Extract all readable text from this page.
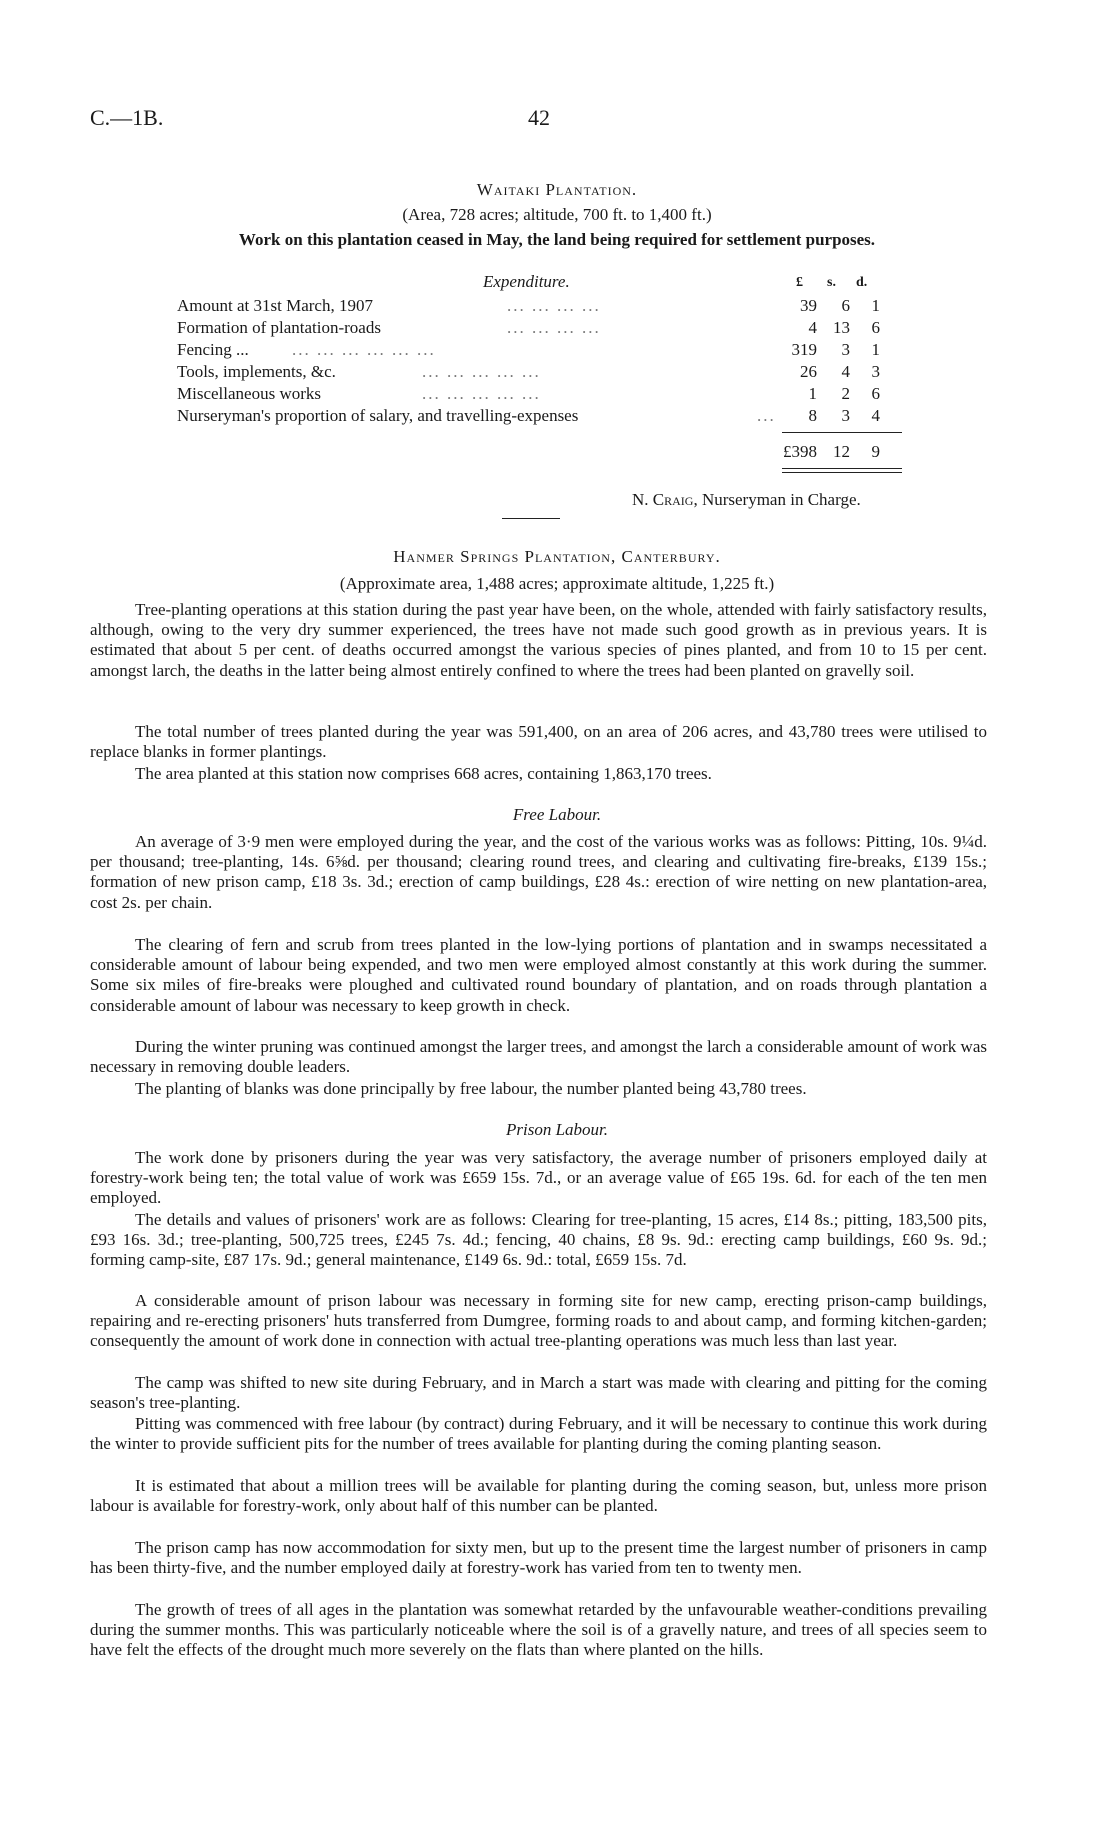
C.—1B.	42
Waitaki Plantation.
(Area, 728 acres; altitude, 700 ft. to 1,400 ft.)
Work on this plantation ceased in May, the land being required for settlement purposes.
Expenditure.	£ s. d.
Amount at 31st March, 1907	... ... ... ...	39	6	1
Formation of plantation-roads	... ... ... ...	4 13	6
Fencing ...	... ... ... ... ... ...	319	3	1
Tools, implements, &c.	... ... ... ... ...	26	4	3
Miscellaneous works	... ... ... ... ...	1	2	6
Nurseryman's proportion of salary, and travelling-expenses	...	8	3	4
£398 12	9
N. Craig, Nurseryman in Charge.
Hanmer Springs Plantation, Canterbury.
(Approximate area, 1,488 acres; approximate altitude, 1,225 ft.)

Tree-planting operations at this station during the past year have been, on the whole, attended with fairly satisfactory results, although, owing to the very dry summer experienced, the trees have not made such good growth as in previous years. It is estimated that about 5 per cent. of deaths occurred amongst the various species of pines planted, and from 10 to 15 per cent. amongst larch, the deaths in the latter being almost entirely confined to where the trees had been planted on gravelly soil.

The total number of trees planted during the year was 591,400, on an area of 206 acres, and 43,780 trees were utilised to replace blanks in former plantings.

The area planted at this station now comprises 668 acres, containing 1,863,170 trees.

Free Labour.

An average of 3·9 men were employed during the year, and the cost of the various works was as follows: Pitting, 10s. 9¼d. per thousand; tree-planting, 14s. 6⅝d. per thousand; clearing round trees, and clearing and cultivating fire-breaks, £139 15s.; formation of new prison camp, £18 3s. 3d.; erection of camp buildings, £28 4s.: erection of wire netting on new plantation-area, cost 2s. per chain.

The clearing of fern and scrub from trees planted in the low-lying portions of plantation and in swamps necessitated a considerable amount of labour being expended, and two men were employed almost constantly at this work during the summer. Some six miles of fire-breaks were ploughed and cultivated round boundary of plantation, and on roads through plantation a considerable amount of labour was necessary to keep growth in check.

During the winter pruning was continued amongst the larger trees, and amongst the larch a considerable amount of work was necessary in removing double leaders.

The planting of blanks was done principally by free labour, the number planted being 43,780 trees.

Prison Labour.

The work done by prisoners during the year was very satisfactory, the average number of prisoners employed daily at forestry-work being ten; the total value of work was £659 15s. 7d., or an average value of £65 19s. 6d. for each of the ten men employed.

The details and values of prisoners' work are as follows: Clearing for tree-planting, 15 acres, £14 8s.; pitting, 183,500 pits, £93 16s. 3d.; tree-planting, 500,725 trees, £245 7s. 4d.; fencing, 40 chains, £8 9s. 9d.: erecting camp buildings, £60 9s. 9d.; forming camp-site, £87 17s. 9d.; general maintenance, £149 6s. 9d.: total, £659 15s. 7d.

A considerable amount of prison labour was necessary in forming site for new camp, erecting prison-camp buildings, repairing and re-erecting prisoners' huts transferred from Dumgree, forming roads to and about camp, and forming kitchen-garden; consequently the amount of work done in connection with actual tree-planting operations was much less than last year.

The camp was shifted to new site during February, and in March a start was made with clearing and pitting for the coming season's tree-planting.

Pitting was commenced with free labour (by contract) during February, and it will be necessary to continue this work during the winter to provide sufficient pits for the number of trees available for planting during the coming planting season.

It is estimated that about a million trees will be available for planting during the coming season, but, unless more prison labour is available for forestry-work, only about half of this number can be planted.

The prison camp has now accommodation for sixty men, but up to the present time the largest number of prisoners in camp has been thirty-five, and the number employed daily at forestry-work has varied from ten to twenty men.

The growth of trees of all ages in the plantation was somewhat retarded by the unfavourable weather-conditions prevailing during the summer months. This was particularly noticeable where the soil is of a gravelly nature, and trees of all species seem to have felt the effects of the drought much more severely on the flats than where planted on the hills.
